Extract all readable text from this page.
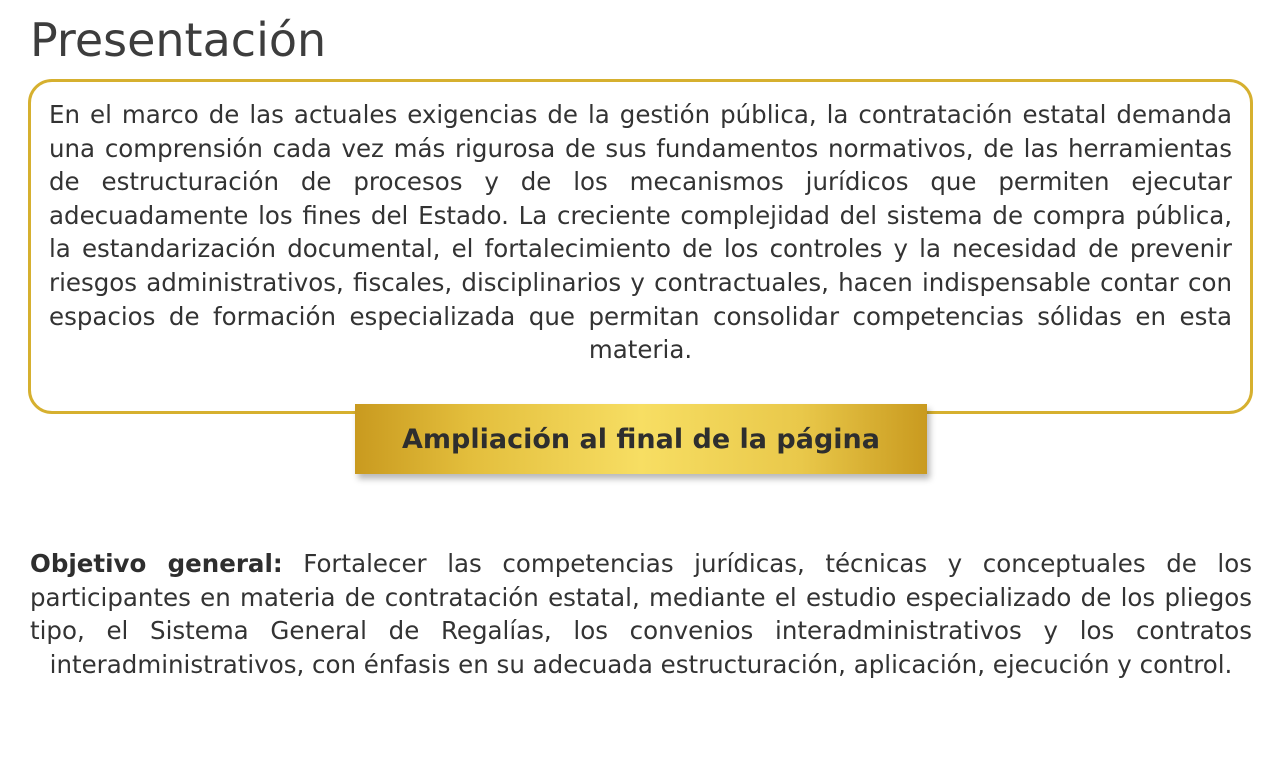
Presentación

En el marco de las actuales exigencias de la gestión pública, la contratación estatal demanda una comprensión cada vez más rigurosa de sus fundamentos normativos, de las herramientas de estructuración de procesos y de los mecanismos jurídicos que permiten ejecutar adecuadamente los fines del Estado. La creciente complejidad del sistema de compra pública, la estandarización documental, el fortalecimiento de los controles y la necesidad de prevenir riesgos administrativos, fiscales, disciplinarios y contractuales, hacen indispensable contar con espacios de formación especializada que permitan consolidar competencias sólidas en esta materia.

Ampliación al final de la página

Objetivo general: Fortalecer las competencias jurídicas, técnicas y conceptuales de los participantes en materia de contratación estatal, mediante el estudio especializado de los pliegos tipo, el Sistema General de Regalías, los convenios interadministrativos y los contratos interadministrativos, con énfasis en su adecuada estructuración, aplicación, ejecución y control.
